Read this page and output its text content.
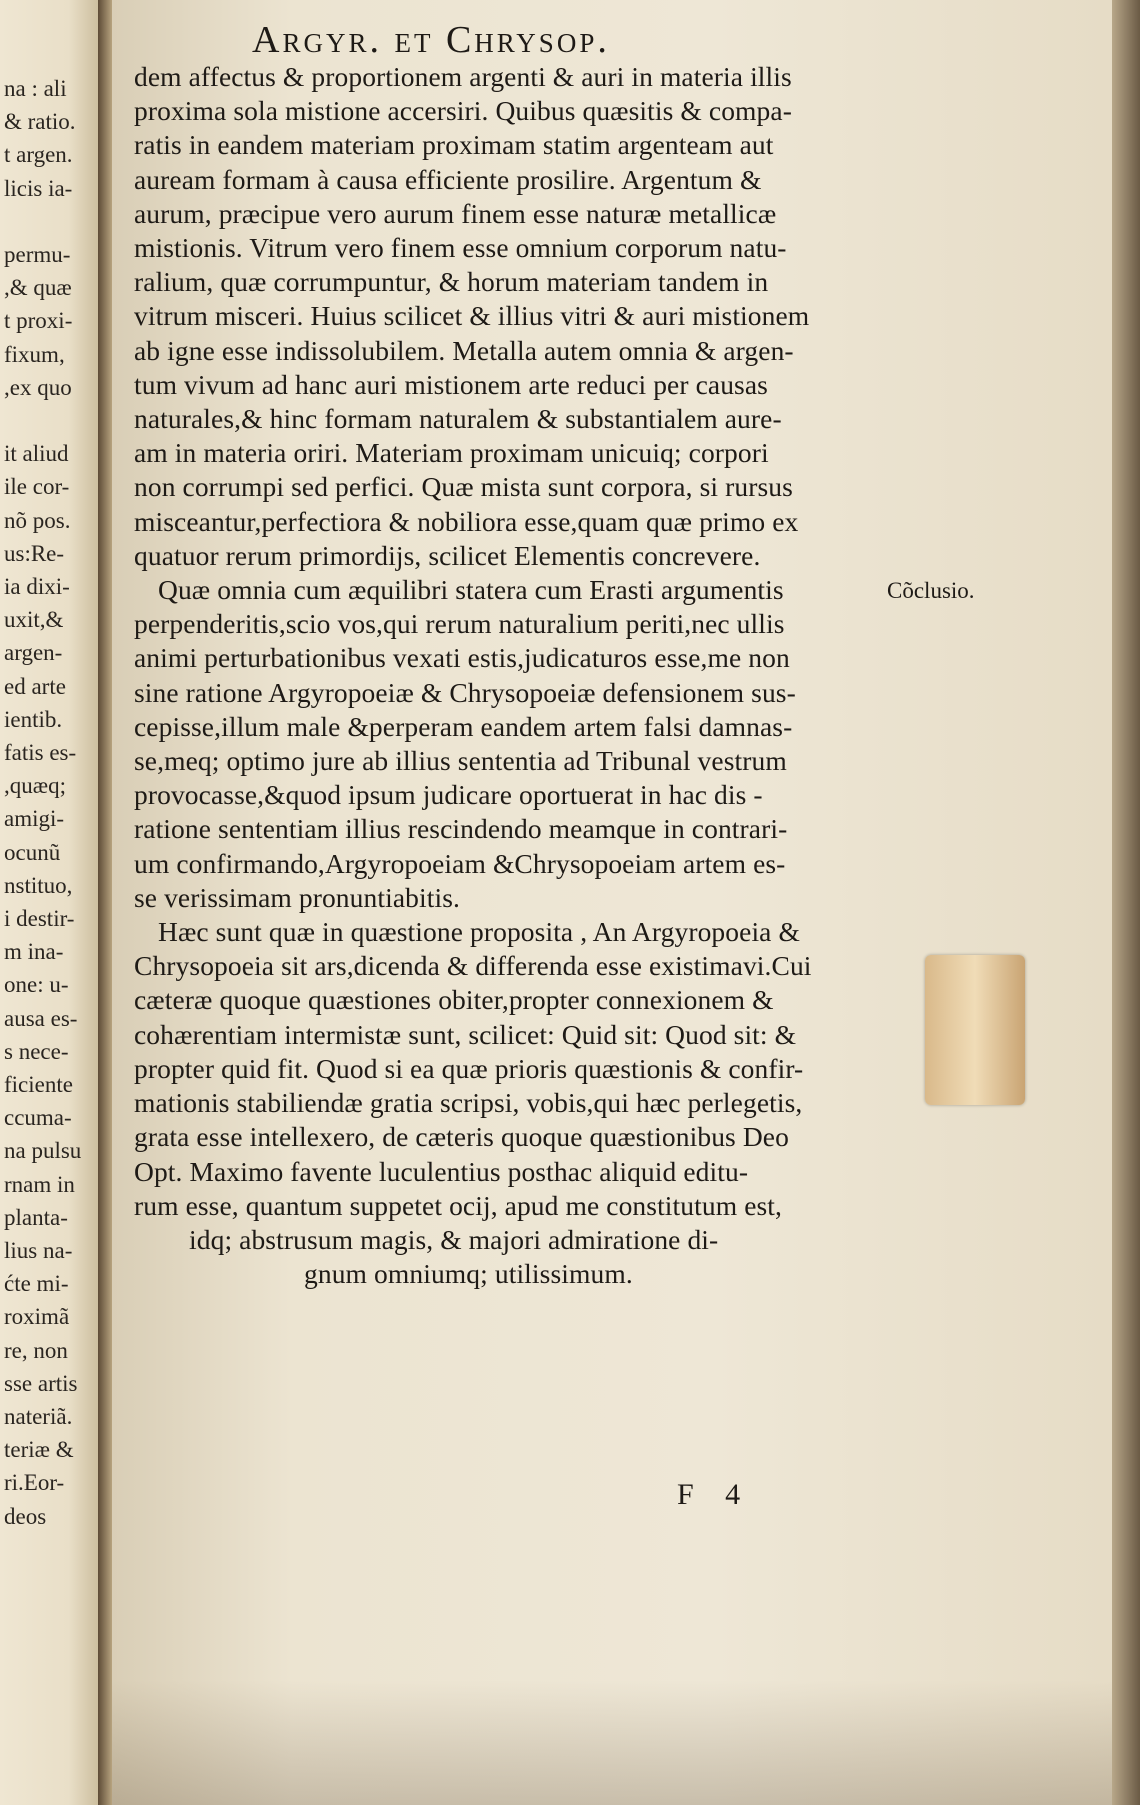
na : ali
& ratio.
t argen.
licis ia-
permu-
,& quæ
t proxi-
fixum,
,ex quo
it aliud
ile cor-
nõ pos.
us:Re-
ia dixi-
uxit,&
argen-
ed arte
ientib.
fatis es-
,quæq;
amigi-
ocunũ
nstituo,
i destir-
m ina-
one: u-
ausa es-
s nece-
ficiente
ccuma-
na pulsu
rnam in
planta-
lius na-
ćte mi-
roximã
re, non
sse artis
nateriã.
teriæ &
ri.Eor-
deos
Argyr. et Chrysop.
dem affectus & proportionem argenti & auri in materia illis
proxima sola mistione accersiri. Quibus quæsitis & compa-
ratis in eandem materiam proximam statim argenteam aut
auream formam à causa efficiente prosilire. Argentum &
aurum, præcipue vero aurum finem esse naturæ metallicæ
mistionis. Vitrum vero finem esse omnium corporum natu-
ralium, quæ corrumpuntur, & horum materiam tandem in
vitrum misceri. Huius scilicet & illius vitri & auri mistionem
ab igne esse indissolubilem. Metalla autem omnia & argen-
tum vivum ad hanc auri mistionem arte reduci per causas
naturales,& hinc formam naturalem & substantialem aure-
am in materia oriri. Materiam proximam unicuiq; corpori
non corrumpi sed perfici. Quæ mista sunt corpora, si rursus
misceantur,perfectiora & nobiliora esse,quam quæ primo ex
quatuor rerum primordijs, scilicet Elementis concrevere.
Quæ omnia cum æquilibri statera cum Erasti argumentis
perpenderitis,scio vos,qui rerum naturalium periti,nec ullis
animi perturbationibus vexati estis,judicaturos esse,me non
sine ratione Argyropoeiæ & Chrysopoeiæ defensionem sus-
cepisse,illum male &perperam eandem artem falsi damnas-
se,meq; optimo jure ab illius sententia ad Tribunal vestrum
provocasse,&quod ipsum judicare oportuerat in hac dis -
ratione sententiam illius rescindendo meamque in contrari-
um confirmando,Argyropoeiam &Chrysopoeiam artem es-
se verissimam pronuntiabitis.
Hæc sunt quæ in quæstione proposita , An Argyropoeia &
Chrysopoeia sit ars,dicenda & differenda esse existimavi.Cui
cæteræ quoque quæstiones obiter,propter connexionem &
cohærentiam intermistæ sunt, scilicet: Quid sit: Quod sit: &
propter quid fit. Quod si ea quæ prioris quæstionis & confir-
mationis stabiliendæ gratia scripsi, vobis,qui hæc perlegetis,
grata esse intellexero, de cæteris quoque quæstionibus Deo
Opt. Maximo favente luculentius posthac aliquid editu-
rum esse, quantum suppetet ocij, apud me constitutum est,
idq; abstrusum magis, & majori admiratione di-
gnum omniumq; utilissimum.
Cõclusio.
F 4
